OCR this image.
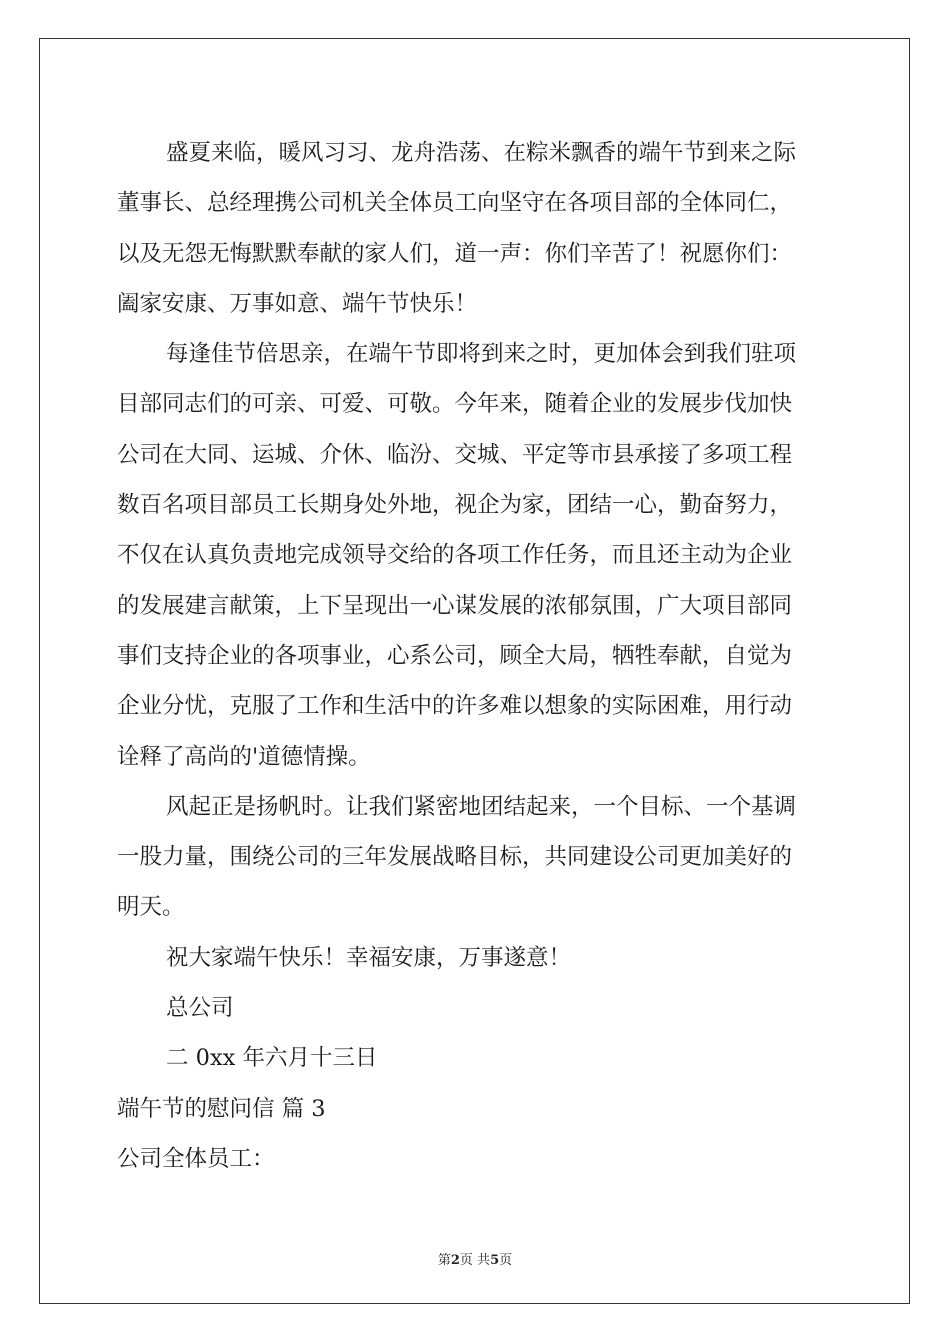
盛夏来临，暖风习习、龙舟浩荡、在粽米飘香的端午节到来之际
董事长、总经理携公司机关全体员工向坚守在各项目部的全体同仁，
以及无怨无悔默默奉献的家人们，道一声：你们辛苦了！祝愿你们：
阖家安康、万事如意、端午节快乐！
每逢佳节倍思亲，在端午节即将到来之时，更加体会到我们驻项
目部同志们的可亲、可爱、可敬。今年来，随着企业的发展步伐加快
公司在大同、运城、介休、临汾、交城、平定等市县承接了多项工程
数百名项目部员工长期身处外地，视企为家，团结一心，勤奋努力，
不仅在认真负责地完成领导交给的各项工作任务，而且还主动为企业
的发展建言献策，上下呈现出一心谋发展的浓郁氛围，广大项目部同
事们支持企业的各项事业，心系公司，顾全大局，牺牲奉献，自觉为
企业分忧，克服了工作和生活中的许多难以想象的实际困难，用行动
诠释了高尚的'道德情操。
风起正是扬帆时。让我们紧密地团结起来，一个目标、一个基调
一股力量，围绕公司的三年发展战略目标，共同建设公司更加美好的
明天。
祝大家端午快乐！幸福安康，万事遂意！
总公司
二 0xx 年六月十三日
端午节的慰问信 篇 3
公司全体员工：
第2页 共5页
